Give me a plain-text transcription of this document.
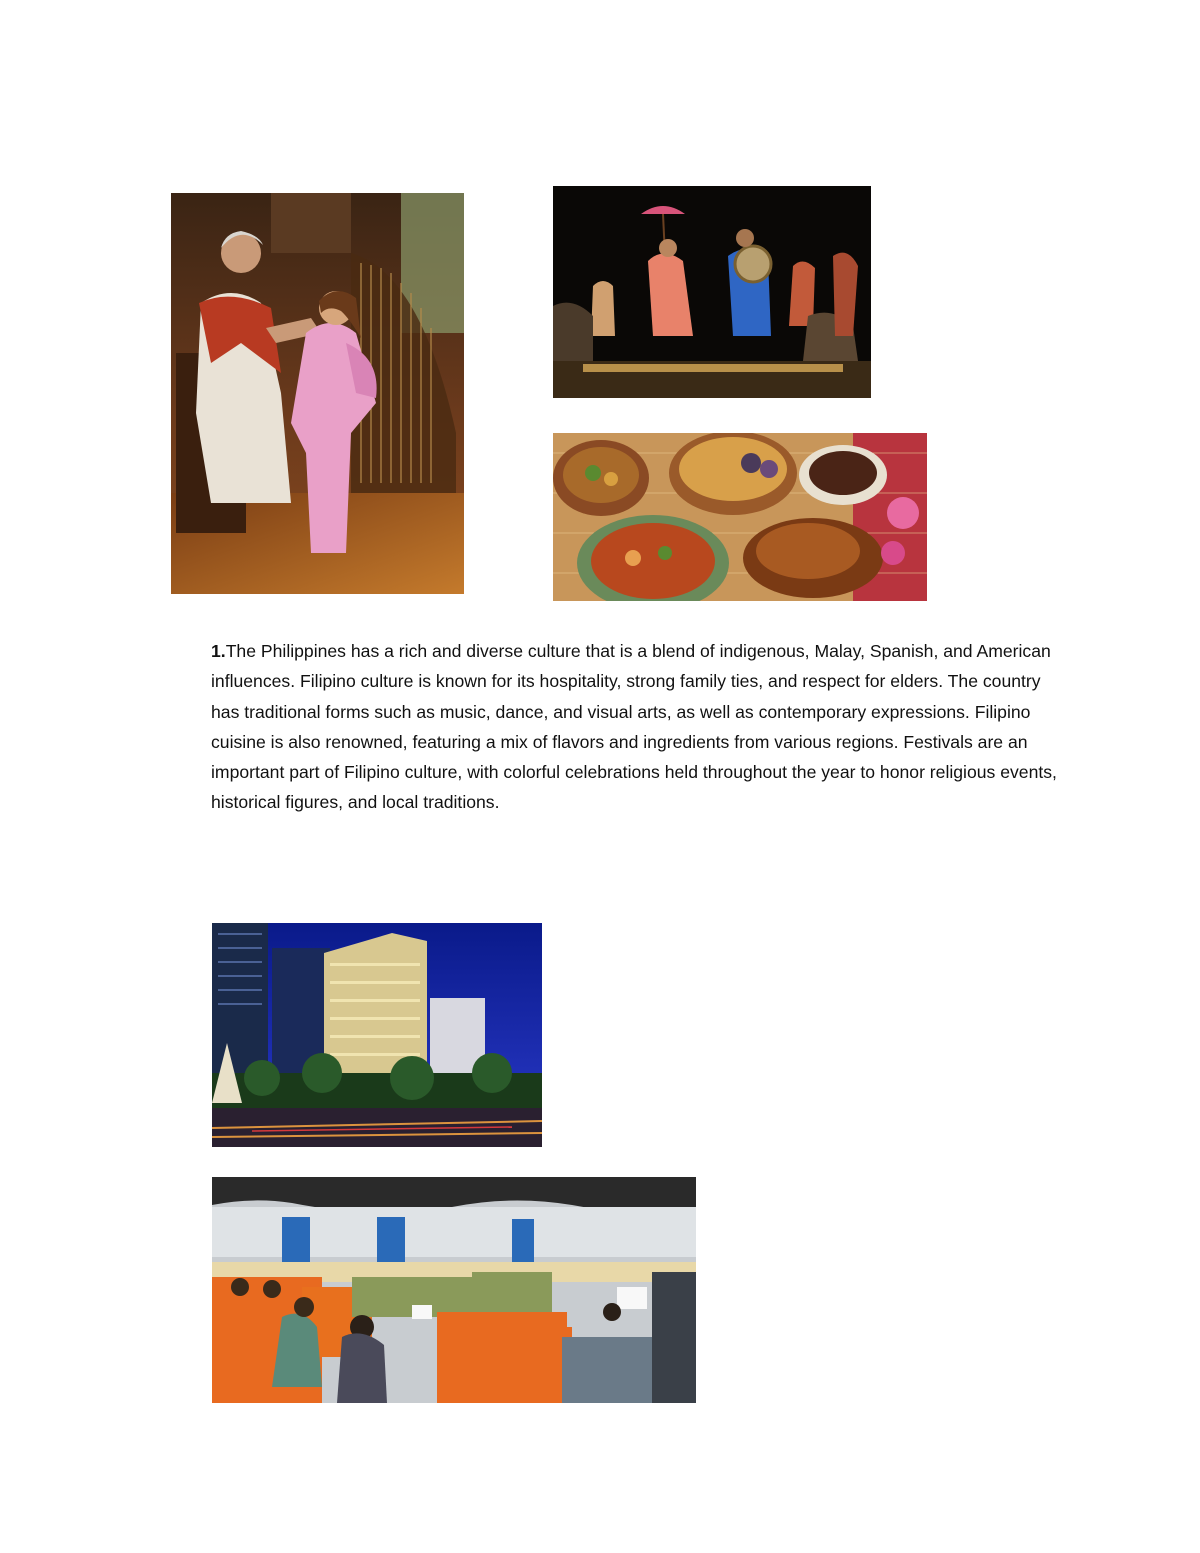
1.The Philippines has a rich and diverse culture that is a blend of indigenous, Malay, Spanish, and American influences. Filipino culture is known for its hospitality, strong family ties, and respect for elders. The country has traditional forms such as music, dance, and visual arts, as well as contemporary expressions. Filipino cuisine is also renowned, featuring a mix of flavors and ingredients from various regions. Festivals are an important part of Filipino culture, with colorful celebrations held throughout the year to honor religious events, historical figures, and local traditions.
